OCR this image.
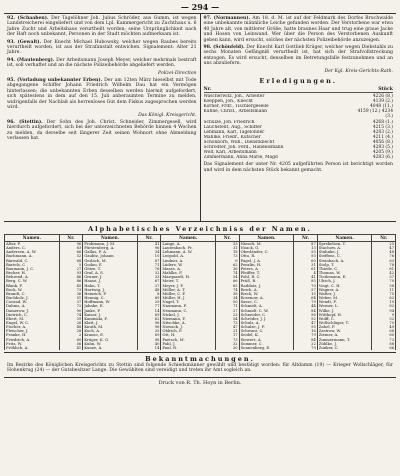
— 294 —
92. (Schaaben). Der Tagelöhner Joh. Julius Schröder, aus Gumm, ist wegen Landstreicherei eingeliefert und von dem Lpl. Kammergericht zu Zuchthaus u. 6 Jahre Zucht und Arbeitshaus verurtheilt worden; seine Ursprünglichkeit nach der Haft noch unbekannt, Personen in der Stadt möchten aufmerksam ist.
93. (Gewalt). Der Knecht Michael Hubowsky, welcher wegen Raubes bereits verurtheilt worden, ist aus der Strafanstalt entwichen. Signalement: Alter 21 Jahre.
94. (Mautenberg). Der Arbeitsmann Joseph Meyer, welcher mehrmals bestraft ist, soll verhaftet und an die nächste Polizeibehörde abgeliefert werden.
Polizei-Direction
95. (Vorladung unbekannter Erben). Der am 12ten März hieselbst mit Tode abgegangene Schiffer Johann Friedrich Wilhelm Dau hat ein Vermögen hinterlassen; die unbekannten Erben desselben werden hiermit aufgefordert, sich spätestens in dem auf den 15. Juli anberaumten Termine zu melden, widrigenfalls der Nachlaß als herrenloses Gut dem Fiskus zugesprochen werden wird.
Das Königl. Kreisgericht.
96. (Stettin). Der Sohn des Joh. Christ. Schneider, Zimmergesell, wird hierdurch aufgefordert, sich bei der unterzeichneten Behörde binnen 4 Wochen zu melden, da derselbe seit längerer Zeit seinen Wohnort ohne Abmeldung verlassen hat.
97. (Normannen). Am 18. d. M. ist auf der Feldmark des Dorfes Bruchwalde eine unbekannte männliche Leiche gefunden worden. Der Verstorbene war etwa 40 Jahre alt, von mittlerer Größe, hatte braunes Haar und trug eine graue Jacke und Hosen von Leinwand. Wer über die Person des Verstorbenen Auskunft geben kann, wird ersucht, solches der nächsten Polizeibehörde anzuzeigen.
98. (Schönfeld). Der Knecht Karl Gottlieb Krüger, welcher wegen Diebstahls zu sechs Monaten Gefängniß verurtheilt ist, hat sich der Strafvollstreckung entzogen. Es wird ersucht, denselben im Betretungsfalle festzunehmen und an uns abzuliefern.
Der Kgl. Kreis-Gerichts-Rath.
Erledigungen.
Nr.	Stück
Wäscherwitz, Joh., Arbeiter	4226 (8.)
Koeppen, Joh., Knecht	4139 (2.)
Körner, Frdr., Tischlergeselle	4048 (11.)
Kühne, Christ., Arbeitsmann	4159 (12.) 4234 (3.)
Schulze, Joh. Friedrich	4268 (1.)
Lauchstedt, Aug., Schiffer	4215 (3.)
Lehmann, Karl, Tagelöhner	4283 (2.)
Mahlke, Friedr., Kutscher	4211 (4.)
Schönborn, Wilh., Dienstknecht	4056 (8.)
Schrödter, Joh. Ferd., Handelsmann	4283 (5.)
Wolf, Karl, Arbeitsmann	4205 (9.)
Zimmermann, Anna Marie, Magd	4283 (6.)
Das Signalement der unter Nr. 4205 aufgeführten Person ist berichtigt worden und wird in dem nächsten Stück bekannt gemacht.
Alphabetisches Verzeichniss der Namen.
Namen.	Nr.	Namen.	Nr.	Namen.	Nr.	Namen.	Nr.	Namen.	Nr.
Alter, F.	96	Frohmann, J. M.	41	Lange, A.	53	Nieselt, M.	87	Sprekelsen, T.	25
Anders, C.	83	Fürstenberg, A.	96	Lautenbach, Fr.	31	Noack, G.	13	Stachow, A.	47
Andersen, A. W.	66	Gallus, F. A.	34	Lehmann, A. W.	18	Oberländer, C.	55	Stahnke, J.	48
Bachmann, A.	52	Gaulitz, Johann	10	Leopold, A.	73	Otto, R.	93	Steffens, C.	76
Bärwald, C.	68	Gerlach, M.	87	Lindner, A.	6	Pagel, J. A.	60	Steinbach, A.	63
Bartels, C.	5	Godau, F.	71	Lüders, W.	62	Penzlin, H.	31	Stolp, T.	78
Baumann, J. C.	27	Götze, T.	76	Maass, A.	36	Peters, A.	61	Thiede, C.	81
Becker, H.	93	Graf, A. S.	32	Mahlke, F.	74	Pfeiffer, T.	4	Thomas, W.	42
Behrend, A.	46	Gruner, J.	33	Marquardt, H.	54	Pohl, R. C.	41	Tiedemann, E.	37
Berg, C. W.	86	Haase, J.	67	Meier, T.	66	Prüß, B.	85	Ulrich, J.	70
Blank, F.	45	Hahn, T.	37	Meyer, J. F.	65	Raddatz, J.	70	Voigt, C. H.	58
Bock, W.	73	Hartwig, J.	48	Möller, A. T.	74	Reich, A.	57	Wagner, A.	11
Brandt, C.	36	Heinrich, F.	8	Müller, C. F.	38	Rieck, W.	15	Walter, J.	75
Buchholz, J.	51	Hennig, C.	89	Müller, H. J.	34	Rosenow, A.	64	Weber, M.	62
Conrad, W.	37	Hoffmann, W.	29	Nagel, T.	50	Sasse, C.	79	Wendt, F.	19
Dahms, A.	72	Jahnke, E.	77	Naumann, F.	71	Schmidt, A.	44	Werner, L.	82
Damerow, J.	90	Janke, F.	14	Neumann, C.	27	Schmidt, C. W.	84	Wilke, J.	94
Dietrich, C.	74	Kaiser, J.	69	Nickel, J.	23	Schneider, C.	96	Wittkopf, H.	9
Ebert, M.	59	Kaminski, F.	62	Niemann, F.	54	Schröder, J. J.	92	Wolff, C.	52
Engel, W. C.	26	Klatt, J.	96	Nitschke, A.	73	Schulz, A.	47	Wollschläger, T.	75
Fischer, A.	48	Knuth, M.	96	Nowack, J.	47	Schulze, J. F.	95	Zabel, F.	49
Fleischer, J.	28	Koch, A.	35	Ohlrich, P.	21	Schwarz, C.	16	Zastrow, W.	68
Franke, H.	2	Krause, E.	69	Ott, H.	17	Seidel, K.	79	Ziemer, A.	80
Friedrich, A.	60	Krüger, K. G.	98	Paetsch, M.	73	Siewert, A.	84	Zimmermann, T.	73
Fritz, W.	56	Kuhn, W.	40	Pahl, J.	32	Sommer, C.	22	Zühlke, J.	88
Fröhlich, A.	41	Kunze, A.	14	Paul, R.	30	Sonnenberg, E.	79	Zunker, C.	66
Bekanntmachungen.
Im Bezirke des Königlichen Kreisgerichts zu Stettin sind folgende Schiedsmänner gewählt und bestätigt worden: für Altdamm (19) — Krieger Wollschläger, für Hohenkrug (24) — der Gutsbesitzer Lange. Die Gewählten sind vereidigt und treten ihr Amt sogleich an.
Druck von R. Th. Hoyn in Berlin.
